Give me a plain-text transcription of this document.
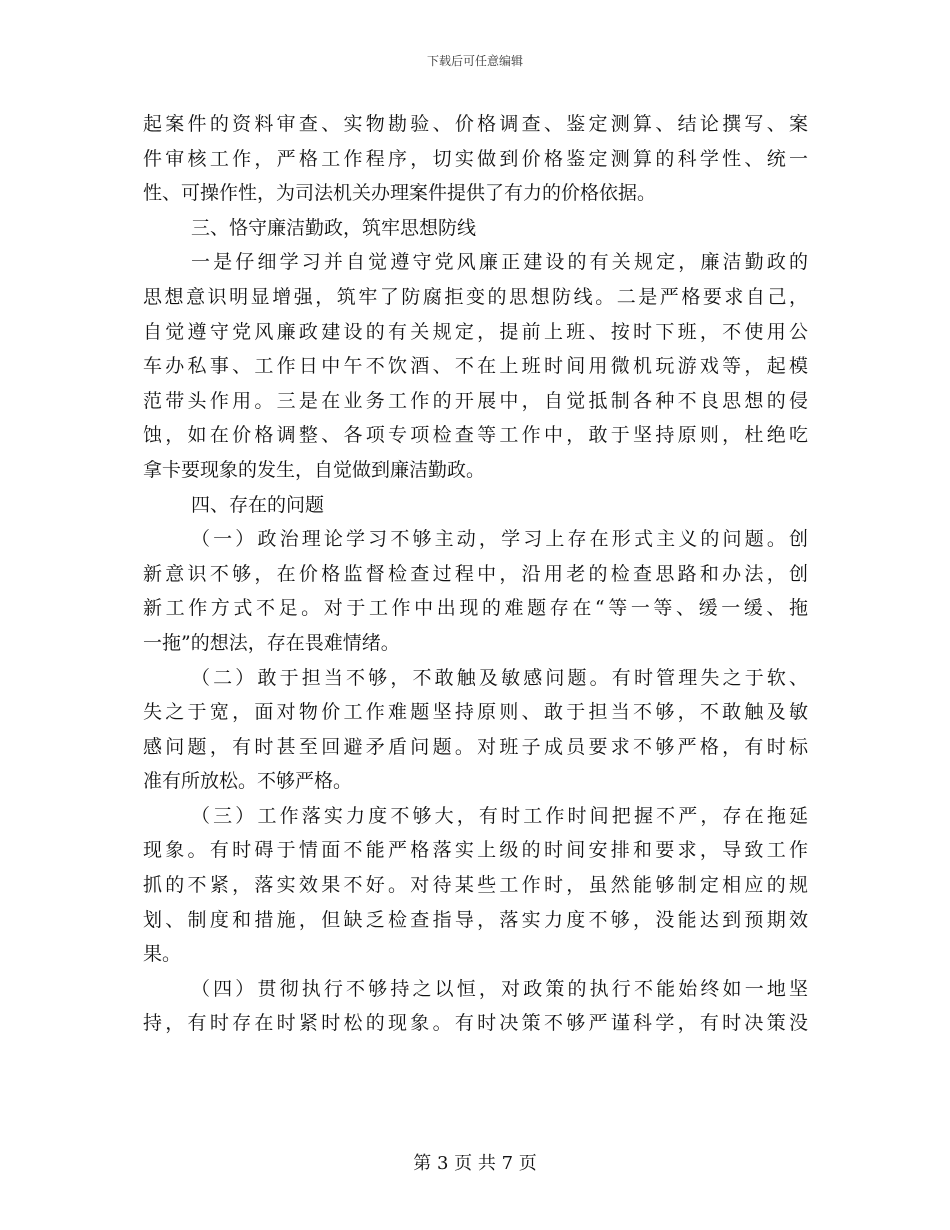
下载后可任意编辑
起案件的资料审查、实物勘验、价格调查、鉴定测算、结论撰写、案
件审核工作，严格工作程序，切实做到价格鉴定测算的科学性、统一
性、可操作性，为司法机关办理案件提供了有力的价格依据。
三、恪守廉洁勤政，筑牢思想防线
一是仔细学习并自觉遵守党风廉正建设的有关规定，廉洁勤政的
思想意识明显增强，筑牢了防腐拒变的思想防线。二是严格要求自己，
自觉遵守党风廉政建设的有关规定，提前上班、按时下班，不使用公
车办私事、工作日中午不饮酒、不在上班时间用微机玩游戏等，起模
范带头作用。三是在业务工作的开展中，自觉抵制各种不良思想的侵
蚀，如在价格调整、各项专项检查等工作中，敢于坚持原则，杜绝吃
拿卡要现象的发生，自觉做到廉洁勤政。
四、存在的问题
（一）政治理论学习不够主动，学习上存在形式主义的问题。创
新意识不够，在价格监督检查过程中，沿用老的检查思路和办法，创
新工作方式不足。对于工作中出现的难题存在“等一等、缓一缓、拖
一拖”的想法，存在畏难情绪。
（二）敢于担当不够，不敢触及敏感问题。有时管理失之于软、
失之于宽，面对物价工作难题坚持原则、敢于担当不够，不敢触及敏
感问题，有时甚至回避矛盾问题。对班子成员要求不够严格，有时标
准有所放松。不够严格。
（三）工作落实力度不够大，有时工作时间把握不严，存在拖延
现象。有时碍于情面不能严格落实上级的时间安排和要求，导致工作
抓的不紧，落实效果不好。对待某些工作时，虽然能够制定相应的规
划、制度和措施，但缺乏检查指导，落实力度不够，没能达到预期效
果。
（四）贯彻执行不够持之以恒，对政策的执行不能始终如一地坚
持，有时存在时紧时松的现象。有时决策不够严谨科学，有时决策没
第 3 页 共 7 页
